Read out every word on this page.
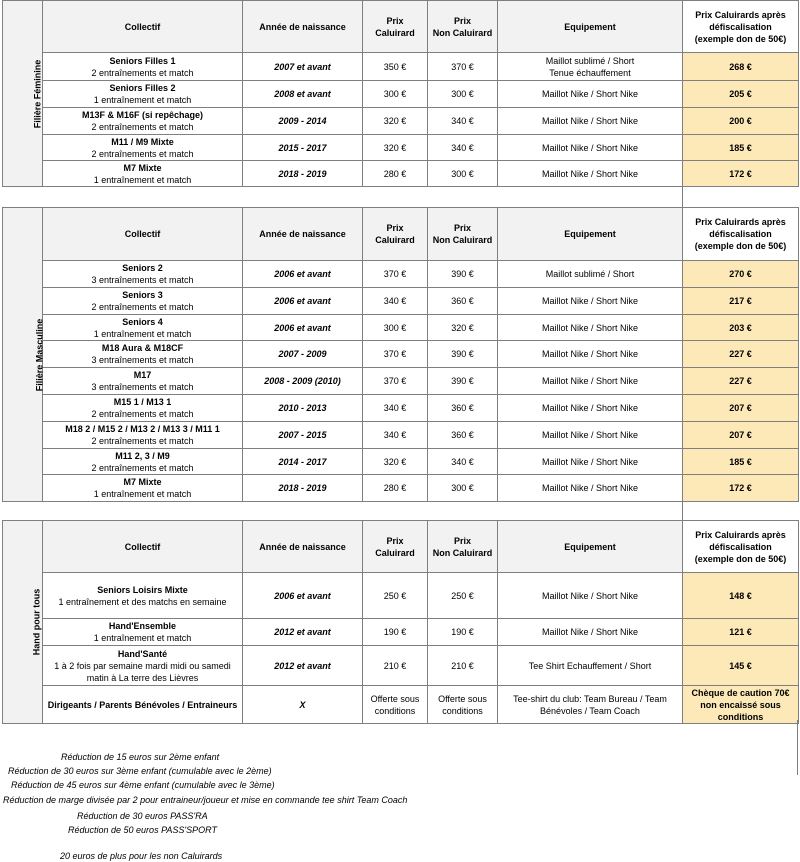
Filière Féminine	Collectif	Année de naissance	Prix
Caluirard	Prix
Non Caluirard	Equipement	Prix Caluirards après défiscalisation
(exemple don de 50€)

	Seniors Filles 1
2 entraînements et match	2007 et avant	350 €	370 €	Maillot sublimé / Short
Tenue échauffement	268 €

	Seniors Filles 2
1 entraînement et match	2008 et avant	300 €	300 €	Maillot Nike / Short Nike	205 €

	M13F & M16F (si repêchage)
2 entraînements et match	2009 - 2014	320 €	340 €	Maillot Nike / Short Nike	200 €

	M11 / M9 Mixte
2 entraînements et match	2015 - 2017	320 €	340 €	Maillot Nike / Short Nike	185 €

	M7 Mixte
1 entraînement et match	2018 - 2019	280 €	300 €	Maillot Nike / Short Nike	172 €
Filière Masculine	Collectif	Année de naissance	Prix
Caluirard	Prix
Non Caluirard	Equipement	Prix Caluirards après défiscalisation
(exemple don de 50€)

	Seniors 2
3 entraînements et match	2006 et avant	370 €	390 €	Maillot sublimé / Short	270 €

	Seniors 3
2 entraînements et match	2006 et avant	340 €	360 €	Maillot Nike / Short Nike	217 €

	Seniors 4
1 entraînement et match	2006 et avant	300 €	320 €	Maillot Nike / Short Nike	203 €

	M18 Aura & M18CF
3 entraînements et match	2007 - 2009	370 €	390 €	Maillot Nike / Short Nike	227 €

	M17
3 entraînements et match	2008 - 2009 (2010)	370 €	390 €	Maillot Nike / Short Nike	227 €

	M15 1 / M13 1
2 entraînements et match	2010 - 2013	340 €	360 €	Maillot Nike / Short Nike	207 €

	M18 2 / M15 2 / M13 2 / M13 3 / M11 1
2 entraînements et match	2007 - 2015	340 €	360 €	Maillot Nike / Short Nike	207 €

	M11 2, 3 / M9
2 entraînements et match	2014 - 2017	320 €	340 €	Maillot Nike / Short Nike	185 €

	M7 Mixte
1 entraînement et match	2018 - 2019	280 €	300 €	Maillot Nike / Short Nike	172 €
Hand pour tous	Collectif	Année de naissance	Prix
Caluirard	Prix
Non Caluirard	Equipement	Prix Caluirards après défiscalisation
(exemple don de 50€)

	Seniors Loisirs Mixte
1 entraînement et des matchs en semaine	2006 et avant	250 €	250 €	Maillot Nike / Short Nike	148 €

	Hand'Ensemble
1 entraînement et match	2012 et avant	190 €	190 €	Maillot Nike / Short Nike	121 €

	Hand'Santé
1 à 2 fois par semaine mardi midi ou samedi matin à La terre des Lièvres	2012 et avant	210 €	210 €	Tee Shirt Echauffement / Short	145 €
	Dirigeants / Parents Bénévoles / Entraineurs	X	Offerte sous conditions	Offerte sous conditions	Tee-shirt du club: Team Bureau / Team Bénévoles / Team Coach	Chèque de caution 70€ non encaissé sous conditions
Réduction de 15 euros sur 2ème enfant
Réduction de 30 euros sur 3ème enfant (cumulable avec le 2ème)
Réduction de 45 euros sur 4ème enfant (cumulable avec le 3ème)
Réduction de marge divisée par 2 pour entraineur/joueur et mise en commande tee shirt Team Coach
Réduction de 30 euros PASS'RA
Réduction de 50 euros PASS'SPORT
20 euros de plus pour les non Caluirards
